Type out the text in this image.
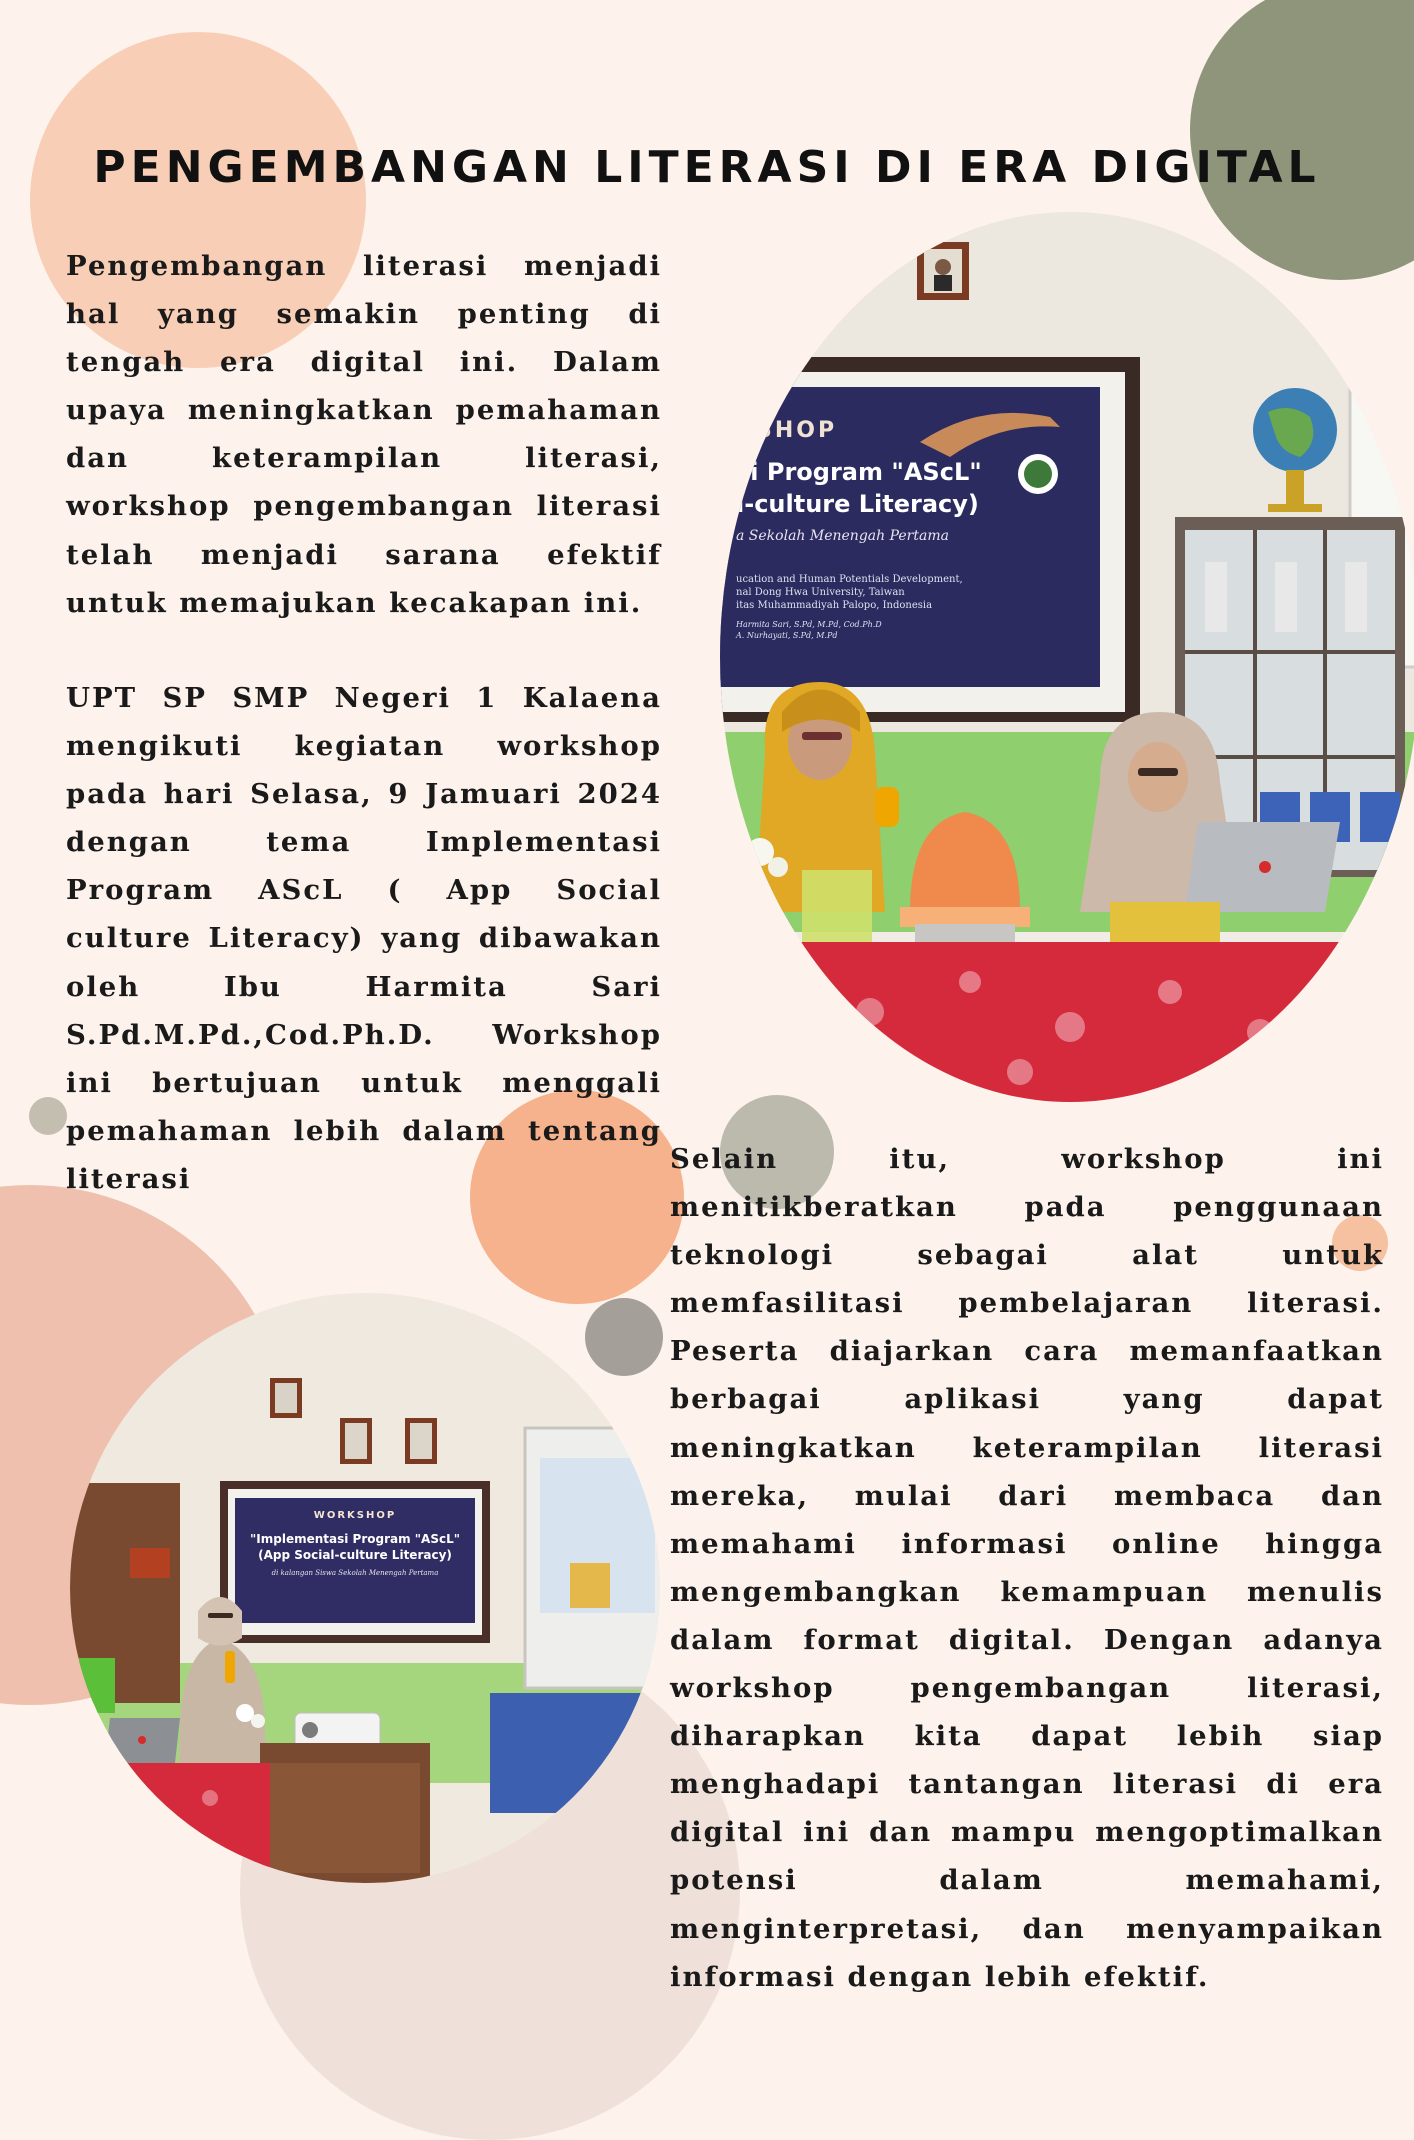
PENGEMBANGAN LITERASI DI ERA DIGITAL

Pengembangan literasi menjadi hal yang semakin penting di tengah era digital ini. Dalam upaya meningkatkan pemahaman dan keterampilan literasi, workshop pengembangan literasi telah menjadi sarana efektif untuk memajukan kecakapan ini.

UPT SP SMP Negeri 1 Kalaena mengikuti kegiatan workshop pada hari Selasa, 9 Jamuari 2024 dengan tema Implementasi Program AScL ( App Social culture Literacy) yang dibawakan oleh Ibu Harmita Sari S.Pd.M.Pd.,Cod.Ph.D. Workshop ini bertujuan untuk menggali pemahaman lebih dalam tentang literasi

KSHOP
si Program "AScL"
l-culture Literacy)
a Sekolah Menengah Pertama
ucation and Human Potentials Development,
nal Dong Hwa University, Taiwan
itas Muhammadiyah Palopo, Indonesia
Harmita Sari, S.Pd, M.Pd, Cod.Ph.D
A. Nurhayati, S.Pd, M.Pd
WORKSHOP
"Implementasi Program "AScL"
(App Social-culture Literacy)
di kalangan Siswa Sekolah Menengah Pertama

Selain itu, workshop ini menitikberatkan pada penggunaan teknologi sebagai alat untuk memfasilitasi pembelajaran literasi. Peserta diajarkan cara memanfaatkan berbagai aplikasi yang dapat meningkatkan keterampilan literasi mereka, mulai dari membaca dan memahami informasi online hingga mengembangkan kemampuan menulis dalam format digital. Dengan adanya workshop pengembangan literasi, diharapkan kita dapat lebih siap menghadapi tantangan literasi di era digital ini dan mampu mengoptimalkan potensi dalam memahami, menginterpretasi, dan menyampaikan informasi dengan lebih efektif.
